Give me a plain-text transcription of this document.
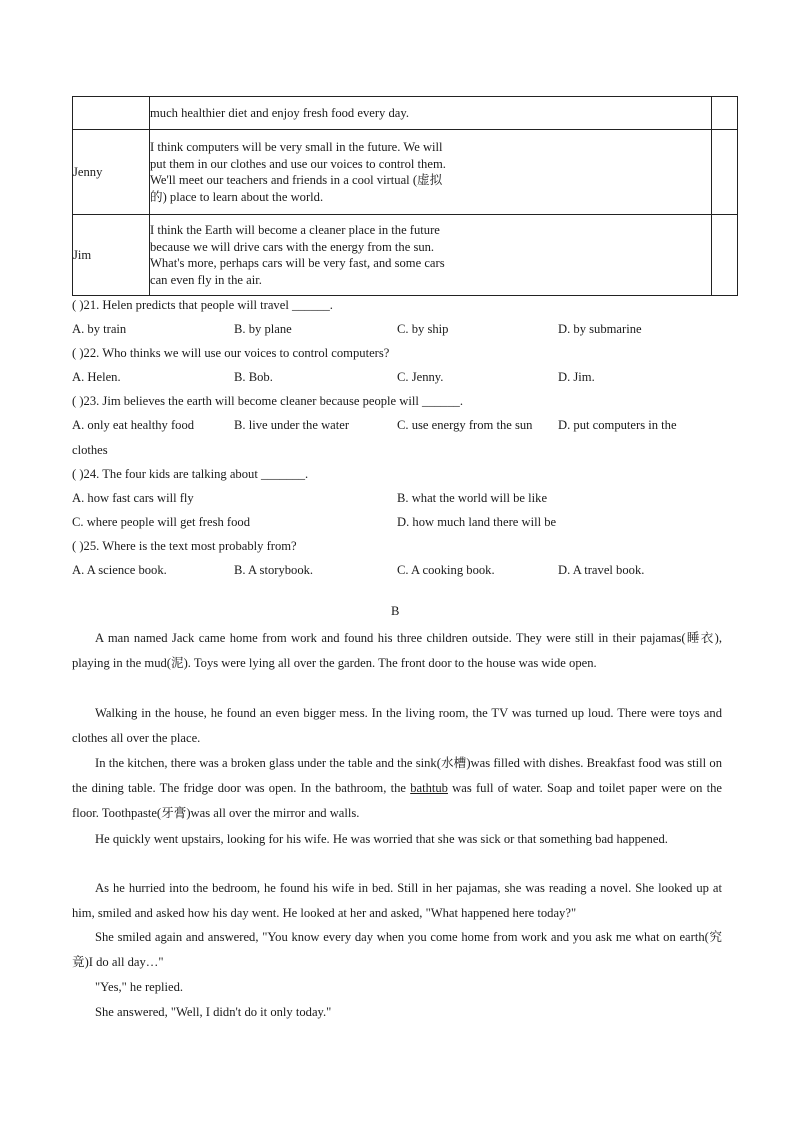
	much healthier diet and enjoy fresh food every day.	

Jenny	I think computers will be very small in the future. We will
put them in our clothes and use our voices to control them.
We'll meet our teachers and friends in a cool virtual (虚拟
的) place to learn about the world.	

Jim	I think the Earth will become a cleaner place in the future
because we will drive cars with the energy from the sun.
What's more, perhaps cars will be very fast, and some cars
can even fly in the air.	

( )21. Helen predicts that people will travel ______.
A. by train	B. by plane	C. by ship	D. by submarine
( )22. Who thinks we will use our voices to control computers?
A. Helen.	B. Bob.	C. Jenny.	D. Jim.
( )23. Jim believes the earth will become cleaner because people will ______.
A. only eat healthy food	B. live under the water	C. use energy from the sun D. put computers in the
clothes
( )24. The four kids are talking about _______.
A. how fast cars will fly	B. what the world will be like
C. where people will get fresh food	D. how much land there will be
( )25. Where is the text most probably from?
A. A science book.	B. A storybook.	C. A cooking book.	D. A travel book.
B
A man named Jack came home from work and found his three children outside. They were still in their pajamas(睡衣), playing in the mud(泥). Toys were lying all over the garden. The front door to the house was wide open.
Walking in the house, he found an even bigger mess. In the living room, the TV was turned up loud. There were toys and clothes all over the place.
In the kitchen, there was a broken glass under the table and the sink(水槽)was filled with dishes. Breakfast food was still on the dining table. The fridge door was open. In the bathroom, the bathtub was full of water. Soap and toilet paper were on the floor. Toothpaste(牙膏)was all over the mirror and walls.
He quickly went upstairs, looking for his wife. He was worried that she was sick or that something bad happened.
As he hurried into the bedroom, he found his wife in bed. Still in her pajamas, she was reading a novel. She looked up at him, smiled and asked how his day went. He looked at her and asked, "What happened here today?"
She smiled again and answered, "You know every day when you come home from work and you ask me what on earth(究竟)I do all day…"
"Yes," he replied.
She answered, "Well, I didn't do it only today."
